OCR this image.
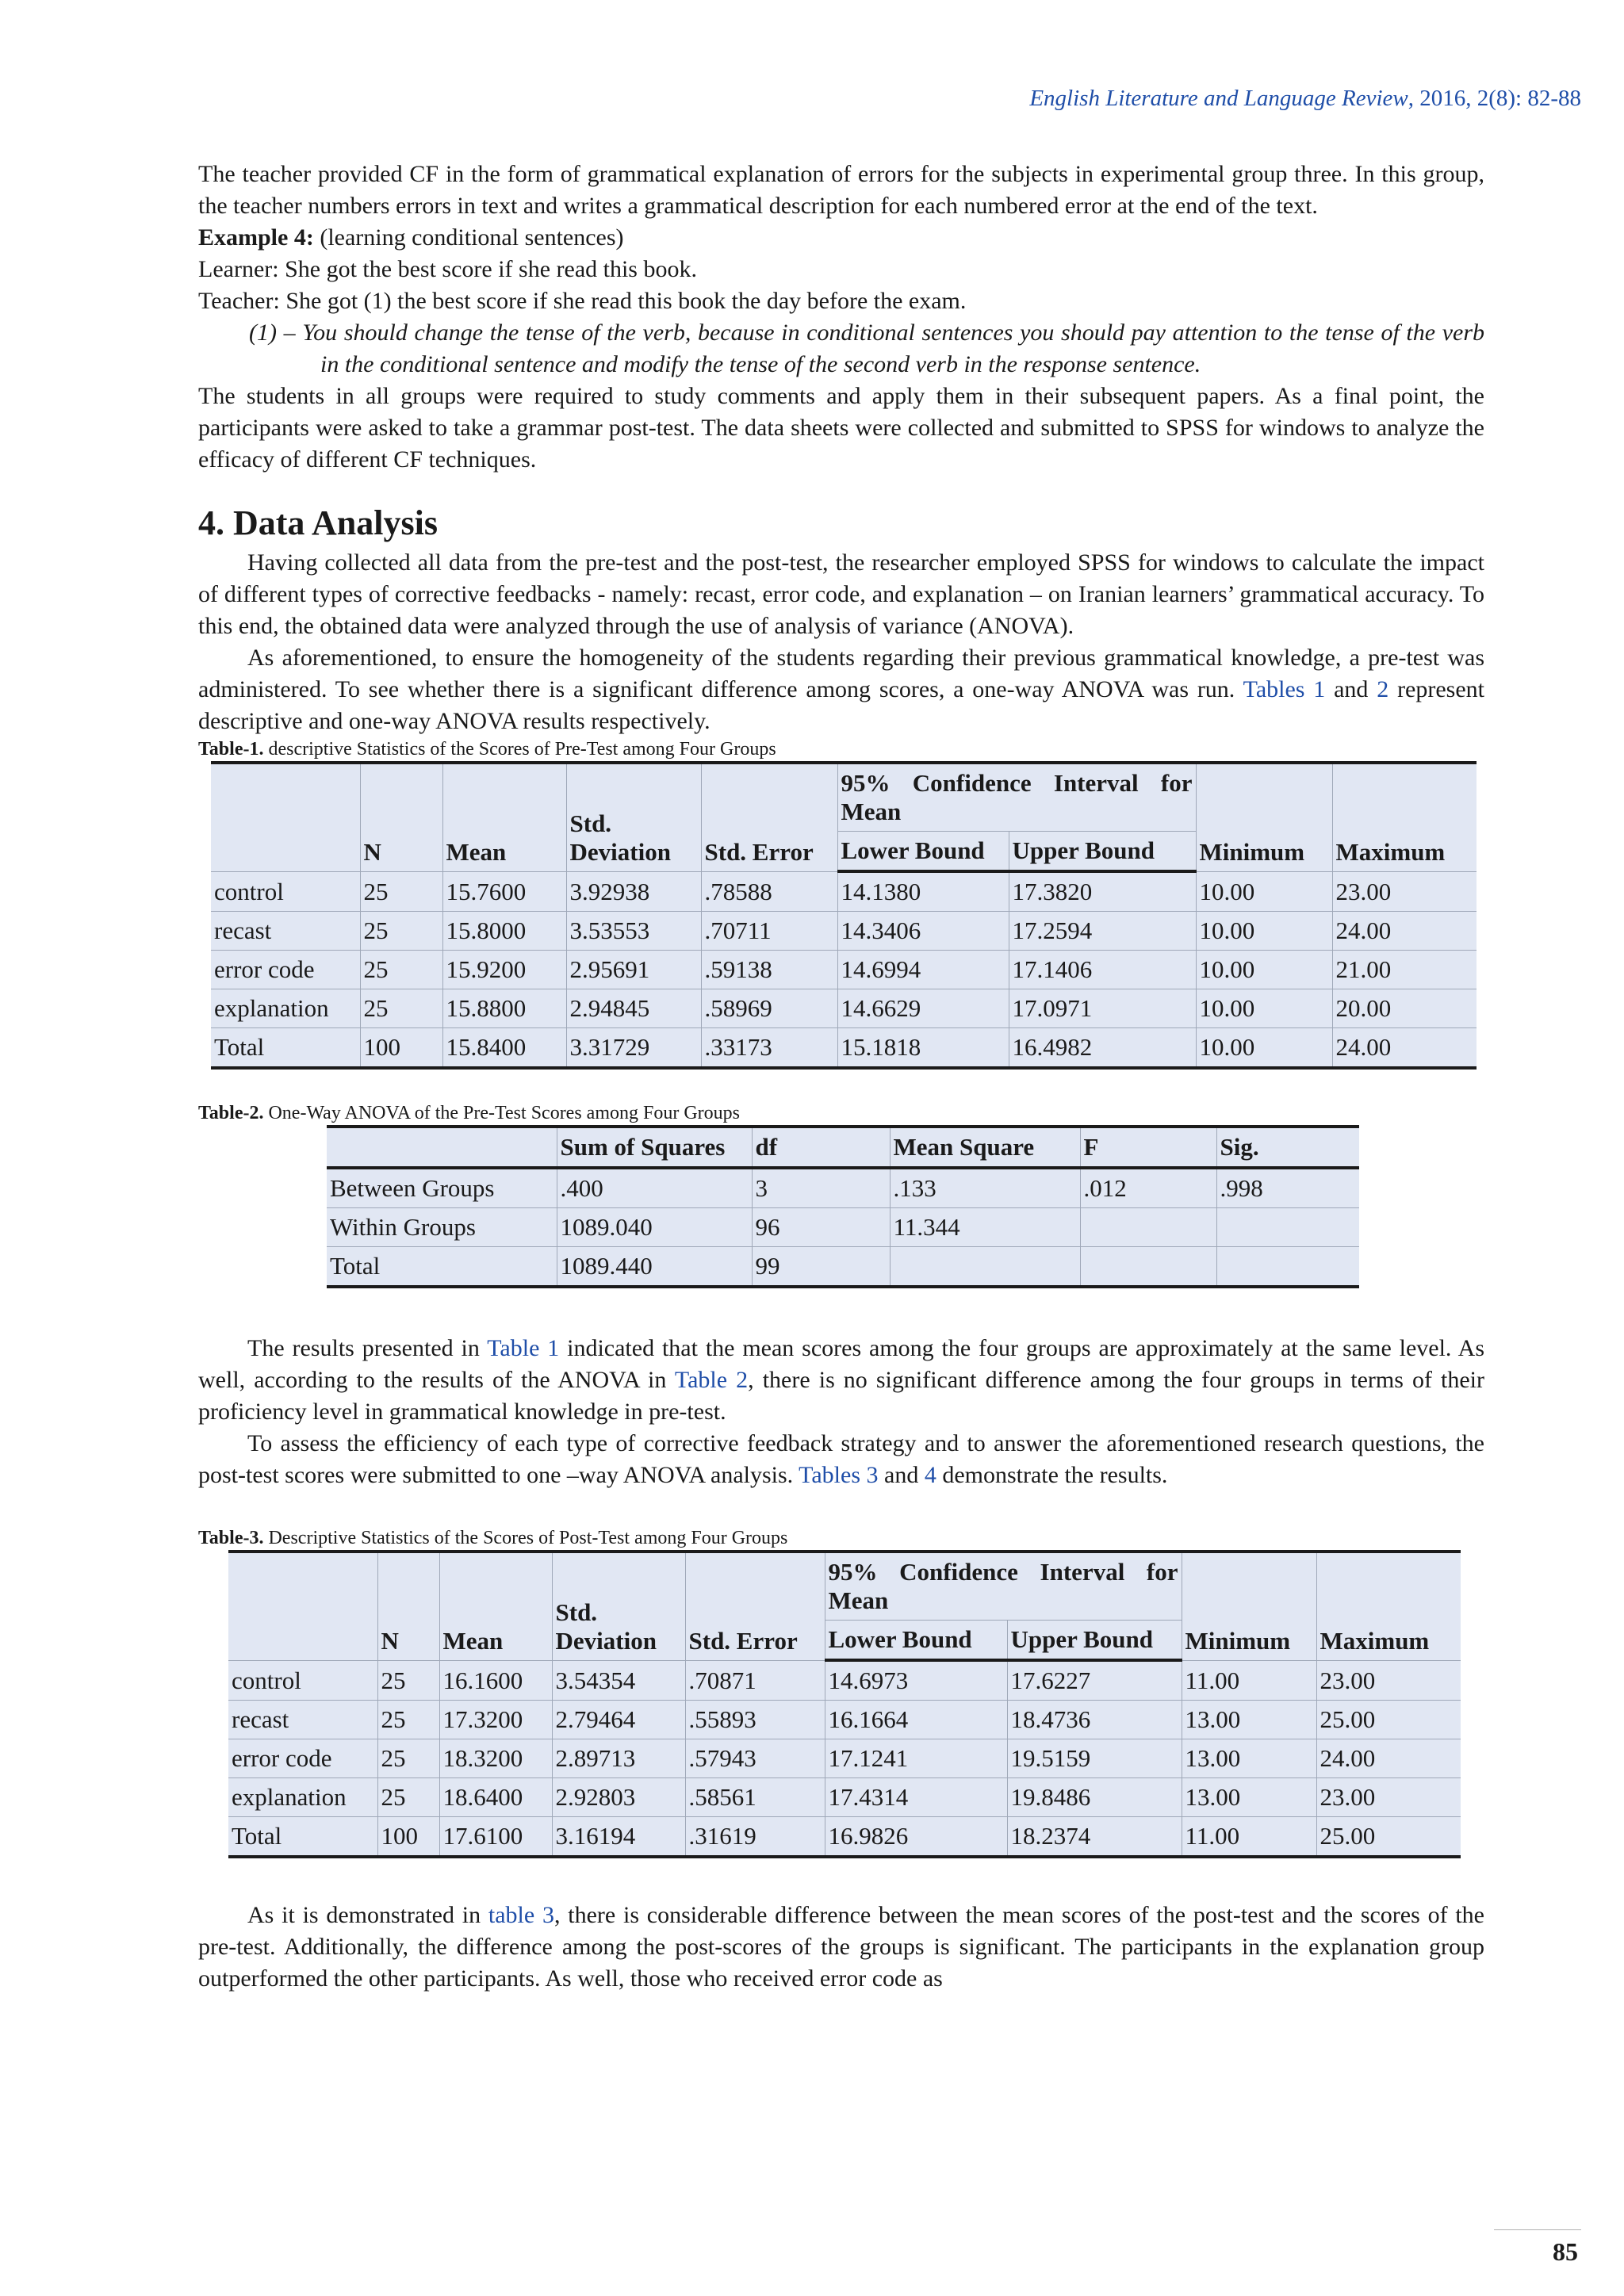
English Literature and Language Review, 2016, 2(8): 82-88

The teacher provided CF in the form of grammatical explanation of errors for the subjects in experimental group three. In this group, the teacher numbers errors in text and writes a grammatical description for each numbered error at the end of the text.

Example 4: (learning conditional sentences)

Learner: She got the best score if she read this book.

Teacher: She got (1) the best score if she read this book the day before the exam.

(1) – You should change the tense of the verb, because in conditional sentences you should pay attention to the tense of the verb in the conditional sentence and modify the tense of the second verb in the response sentence.

The students in all groups were required to study comments and apply them in their subsequent papers. As a final point, the participants were asked to take a grammar post-test. The data sheets were collected and submitted to SPSS for windows to analyze the efficacy of different CF techniques.

4. Data Analysis

Having collected all data from the pre-test and the post-test, the researcher employed SPSS for windows to calculate the impact of different types of corrective feedbacks - namely: recast, error code, and explanation – on Iranian learners’ grammatical accuracy. To this end, the obtained data were analyzed through the use of analysis of variance (ANOVA).

As aforementioned, to ensure the homogeneity of the students regarding their previous grammatical knowledge, a pre-test was administered. To see whether there is a significant difference among scores, a one-way ANOVA was run. Tables 1 and 2 represent descriptive and one-way ANOVA results respectively.

Table-1. descriptive Statistics of the Scores of Pre-Test among Four Groups

	N	Mean	Std.
Deviation	Std. Error	95% Confidence Interval for Mean		Minimum	Maximum
					Lower Bound	Upper Bound		
control	25	15.7600	3.92938	.78588	14.1380	17.3820	10.00	23.00
recast	25	15.8000	3.53553	.70711	14.3406	17.2594	10.00	24.00
error code	25	15.9200	2.95691	.59138	14.6994	17.1406	10.00	21.00
explanation	25	15.8800	2.94845	.58969	14.6629	17.0971	10.00	20.00
Total	100	15.8400	3.31729	.33173	15.1818	16.4982	10.00	24.00

Table-2. One-Way ANOVA of the Pre-Test Scores among Four Groups

	Sum of Squares	df	Mean Square	F	Sig.
Between Groups	.400	3	.133	.012	.998
Within Groups	1089.040	96	11.344		
Total	1089.440	99			

The results presented in Table 1 indicated that the mean scores among the four groups are approximately at the same level. As well, according to the results of the ANOVA in Table 2, there is no significant difference among the four groups in terms of their proficiency level in grammatical knowledge in pre-test.

To assess the efficiency of each type of corrective feedback strategy and to answer the aforementioned research questions, the post-test scores were submitted to one –way ANOVA analysis. Tables 3 and 4 demonstrate the results.

Table-3. Descriptive Statistics of the Scores of Post-Test among Four Groups

	N	Mean	Std.
Deviation	Std. Error	95% Confidence Interval for Mean		Minimum	Maximum
					Lower Bound	Upper Bound		
control	25	16.1600	3.54354	.70871	14.6973	17.6227	11.00	23.00
recast	25	17.3200	2.79464	.55893	16.1664	18.4736	13.00	25.00
error code	25	18.3200	2.89713	.57943	17.1241	19.5159	13.00	24.00
explanation	25	18.6400	2.92803	.58561	17.4314	19.8486	13.00	23.00
Total	100	17.6100	3.16194	.31619	16.9826	18.2374	11.00	25.00

As it is demonstrated in table 3, there is considerable difference between the mean scores of the post-test and the scores of the pre-test. Additionally, the difference among the post-scores of the groups is significant. The participants in the explanation group outperformed the other participants. As well, those who received error code as

85
